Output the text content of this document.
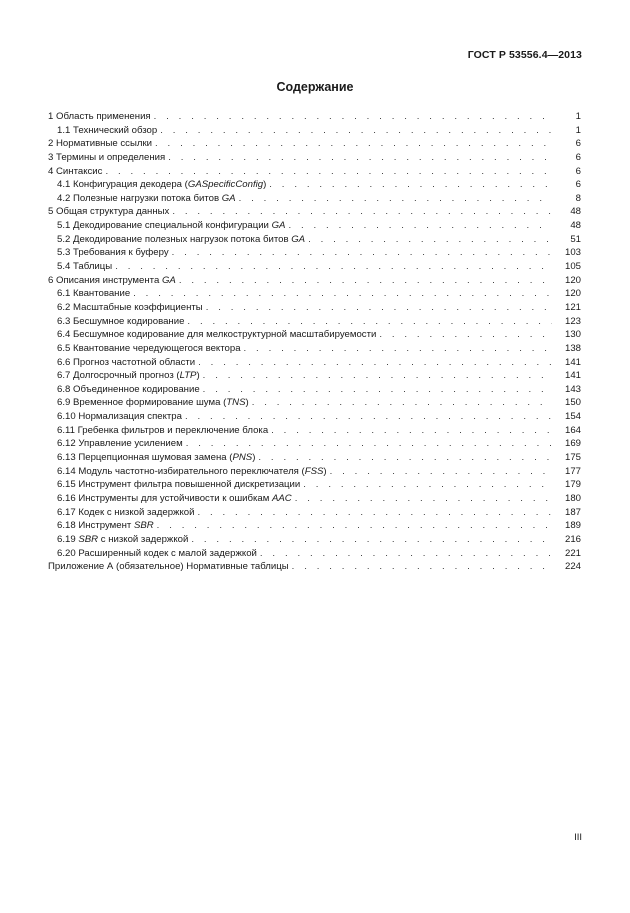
ГОСТ Р 53556.4—2013
Содержание
1 Область применения . . .	1
1.1 Технический обзор . . .	1
2 Нормативные ссылки . . .	6
3 Термины и определения . . .	6
4 Синтаксис . . .	6
4.1 Конфигурация декодера (GASpecificConfig) . . .	6
4.2 Полезные нагрузки потока битов GA . . .	8
5 Общая структура данных . . .	48
5.1 Декодирование специальной конфигурации GA . . .	48
5.2 Декодирование полезных нагрузок потока битов GA . . .	51
5.3 Требования к буферу . . .	103
5.4 Таблицы . . .	105
6 Описания инструмента GA . . .	120
6.1 Квантование . . .	120
6.2 Масштабные коэффициенты . . .	121
6.3 Бесшумное кодирование . . .	123
6.4 Бесшумное кодирование для мелкоструктурной масштабируемости . . .	130
6.5 Квантование чередующегося вектора . . .	138
6.6 Прогноз частотной области . . .	141
6.7 Долгосрочный прогноз (LTP) . . .	141
6.8 Объединенное кодирование . . .	143
6.9 Временное формирование шума (TNS) . . .	150
6.10 Нормализация спектра . . .	154
6.11 Гребенка фильтров и переключение блока . . .	164
6.12 Управление усилением . . .	169
6.13 Перцепционная шумовая замена (PNS) . . .	175
6.14 Модуль частотно-избирательного переключателя (FSS) . . .	177
6.15 Инструмент фильтра повышенной дискретизации . . .	179
6.16 Инструменты для устойчивости к ошибкам AAC . . .	180
6.17 Кодек с низкой задержкой . . .	187
6.18 Инструмент SBR . . .	189
6.19 SBR с низкой задержкой . . .	216
6.20 Расширенный кодек с малой задержкой . . .	221
Приложение А (обязательное) Нормативные таблицы . . .	224
III
